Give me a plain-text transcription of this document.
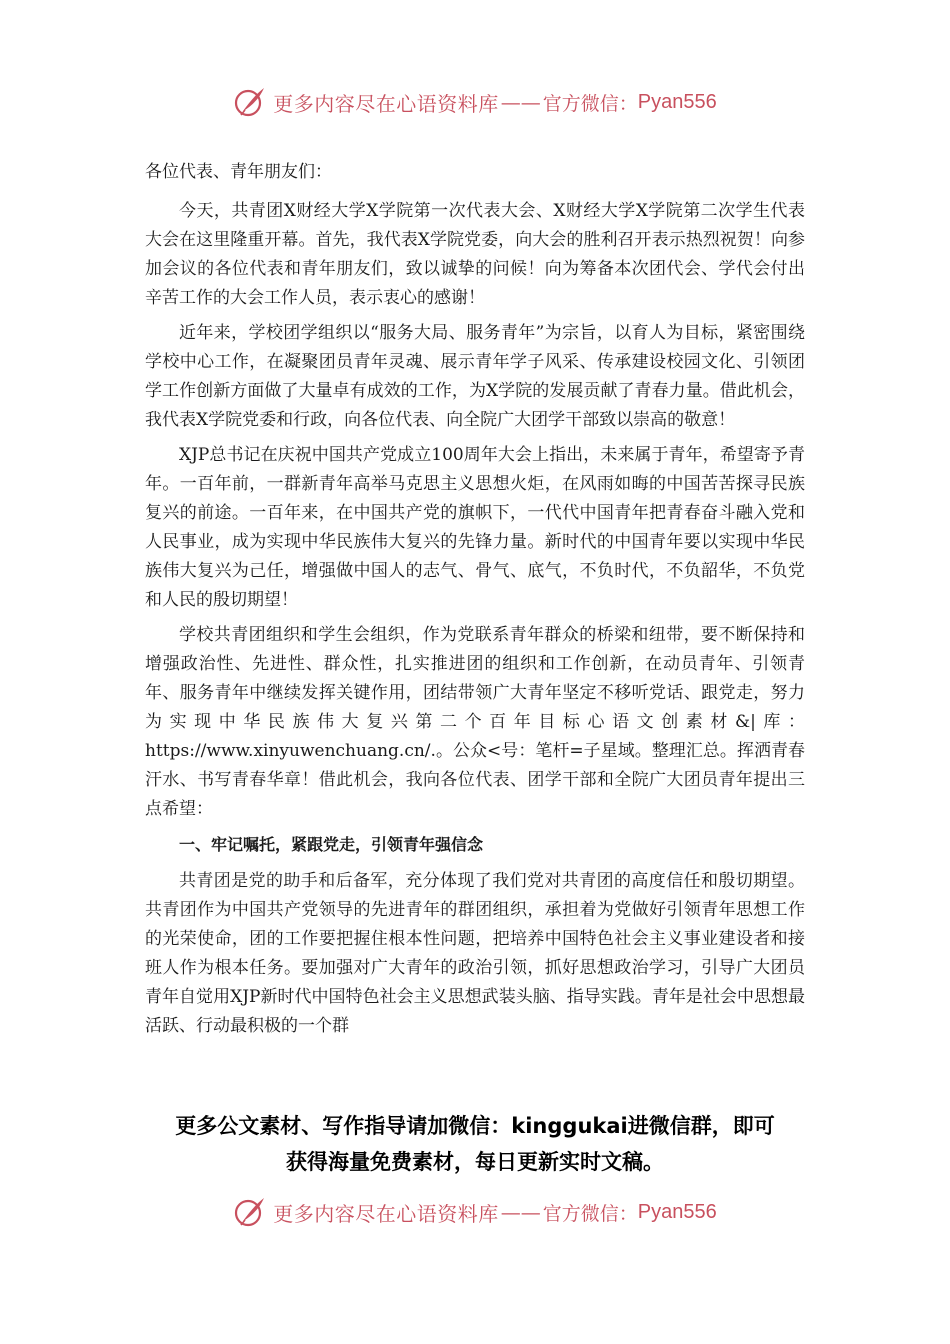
更多内容尽在心语资料库 —— 官方微信： Pyan556

各位代表、青年朋友们：

今天，共青团X财经大学X学院第一次代表大会、X财经大学X学院第二次学生代表大会在这里隆重开幕。首先，我代表X学院党委，向大会的胜利召开表示热烈祝贺！向参加会议的各位代表和青年朋友们，致以诚挚的问候！向为筹备本次团代会、学代会付出辛苦工作的大会工作人员，表示衷心的感谢！

近年来，学校团学组织以“服务大局、服务青年”为宗旨，以育人为目标，紧密围绕学校中心工作，在凝聚团员青年灵魂、展示青年学子风采、传承建设校园文化、引领团学工作创新方面做了大量卓有成效的工作，为X学院的发展贡献了青春力量。借此机会，我代表X学院党委和行政，向各位代表、向全院广大团学干部致以崇高的敬意！

XJP总书记在庆祝中国共产党成立100周年大会上指出，未来属于青年，希望寄予青年。一百年前，一群新青年高举马克思主义思想火炬，在风雨如晦的中国苦苦探寻民族复兴的前途。一百年来，在中国共产党的旗帜下，一代代中国青年把青春奋斗融入党和人民事业，成为实现中华民族伟大复兴的先锋力量。新时代的中国青年要以实现中华民族伟大复兴为己任，增强做中国人的志气、骨气、底气，不负时代，不负韶华，不负党和人民的殷切期望！

学校共青团组织和学生会组织，作为党联系青年群众的桥梁和纽带，要不断保持和增强政治性、先进性、群众性，扎实推进团的组织和工作创新，在动员青年、引领青年、服务青年中继续发挥关键作用，团结带领广大青年坚定不移听党话、跟党走，努力为实现中华民族伟大复兴第二个百年目标心语文创素材&|库：https://www.xinyuwenchuang.cn/.。公众<号：笔杆=子星域。整理汇总。挥洒青春汗水、书写青春华章！借此机会，我向各位代表、团学干部和全院广大团员青年提出三点希望：

一、牢记嘱托，紧跟党走，引领青年强信念

共青团是党的助手和后备军，充分体现了我们党对共青团的高度信任和殷切期望。共青团作为中国共产党领导的先进青年的群团组织，承担着为党做好引领青年思想工作的光荣使命，团的工作要把握住根本性问题，把培养中国特色社会主义事业建设者和接班人作为根本任务。要加强对广大青年的政治引领，抓好思想政治学习，引导广大团员青年自觉用XJP新时代中国特色社会主义思想武装头脑、指导实践。青年是社会中思想最活跃、行动最积极的一个群

更多公文素材、写作指导请加微信：kinggukai进微信群，即可
获得海量免费素材，每日更新实时文稿。
更多内容尽在心语资料库 —— 官方微信： Pyan556
